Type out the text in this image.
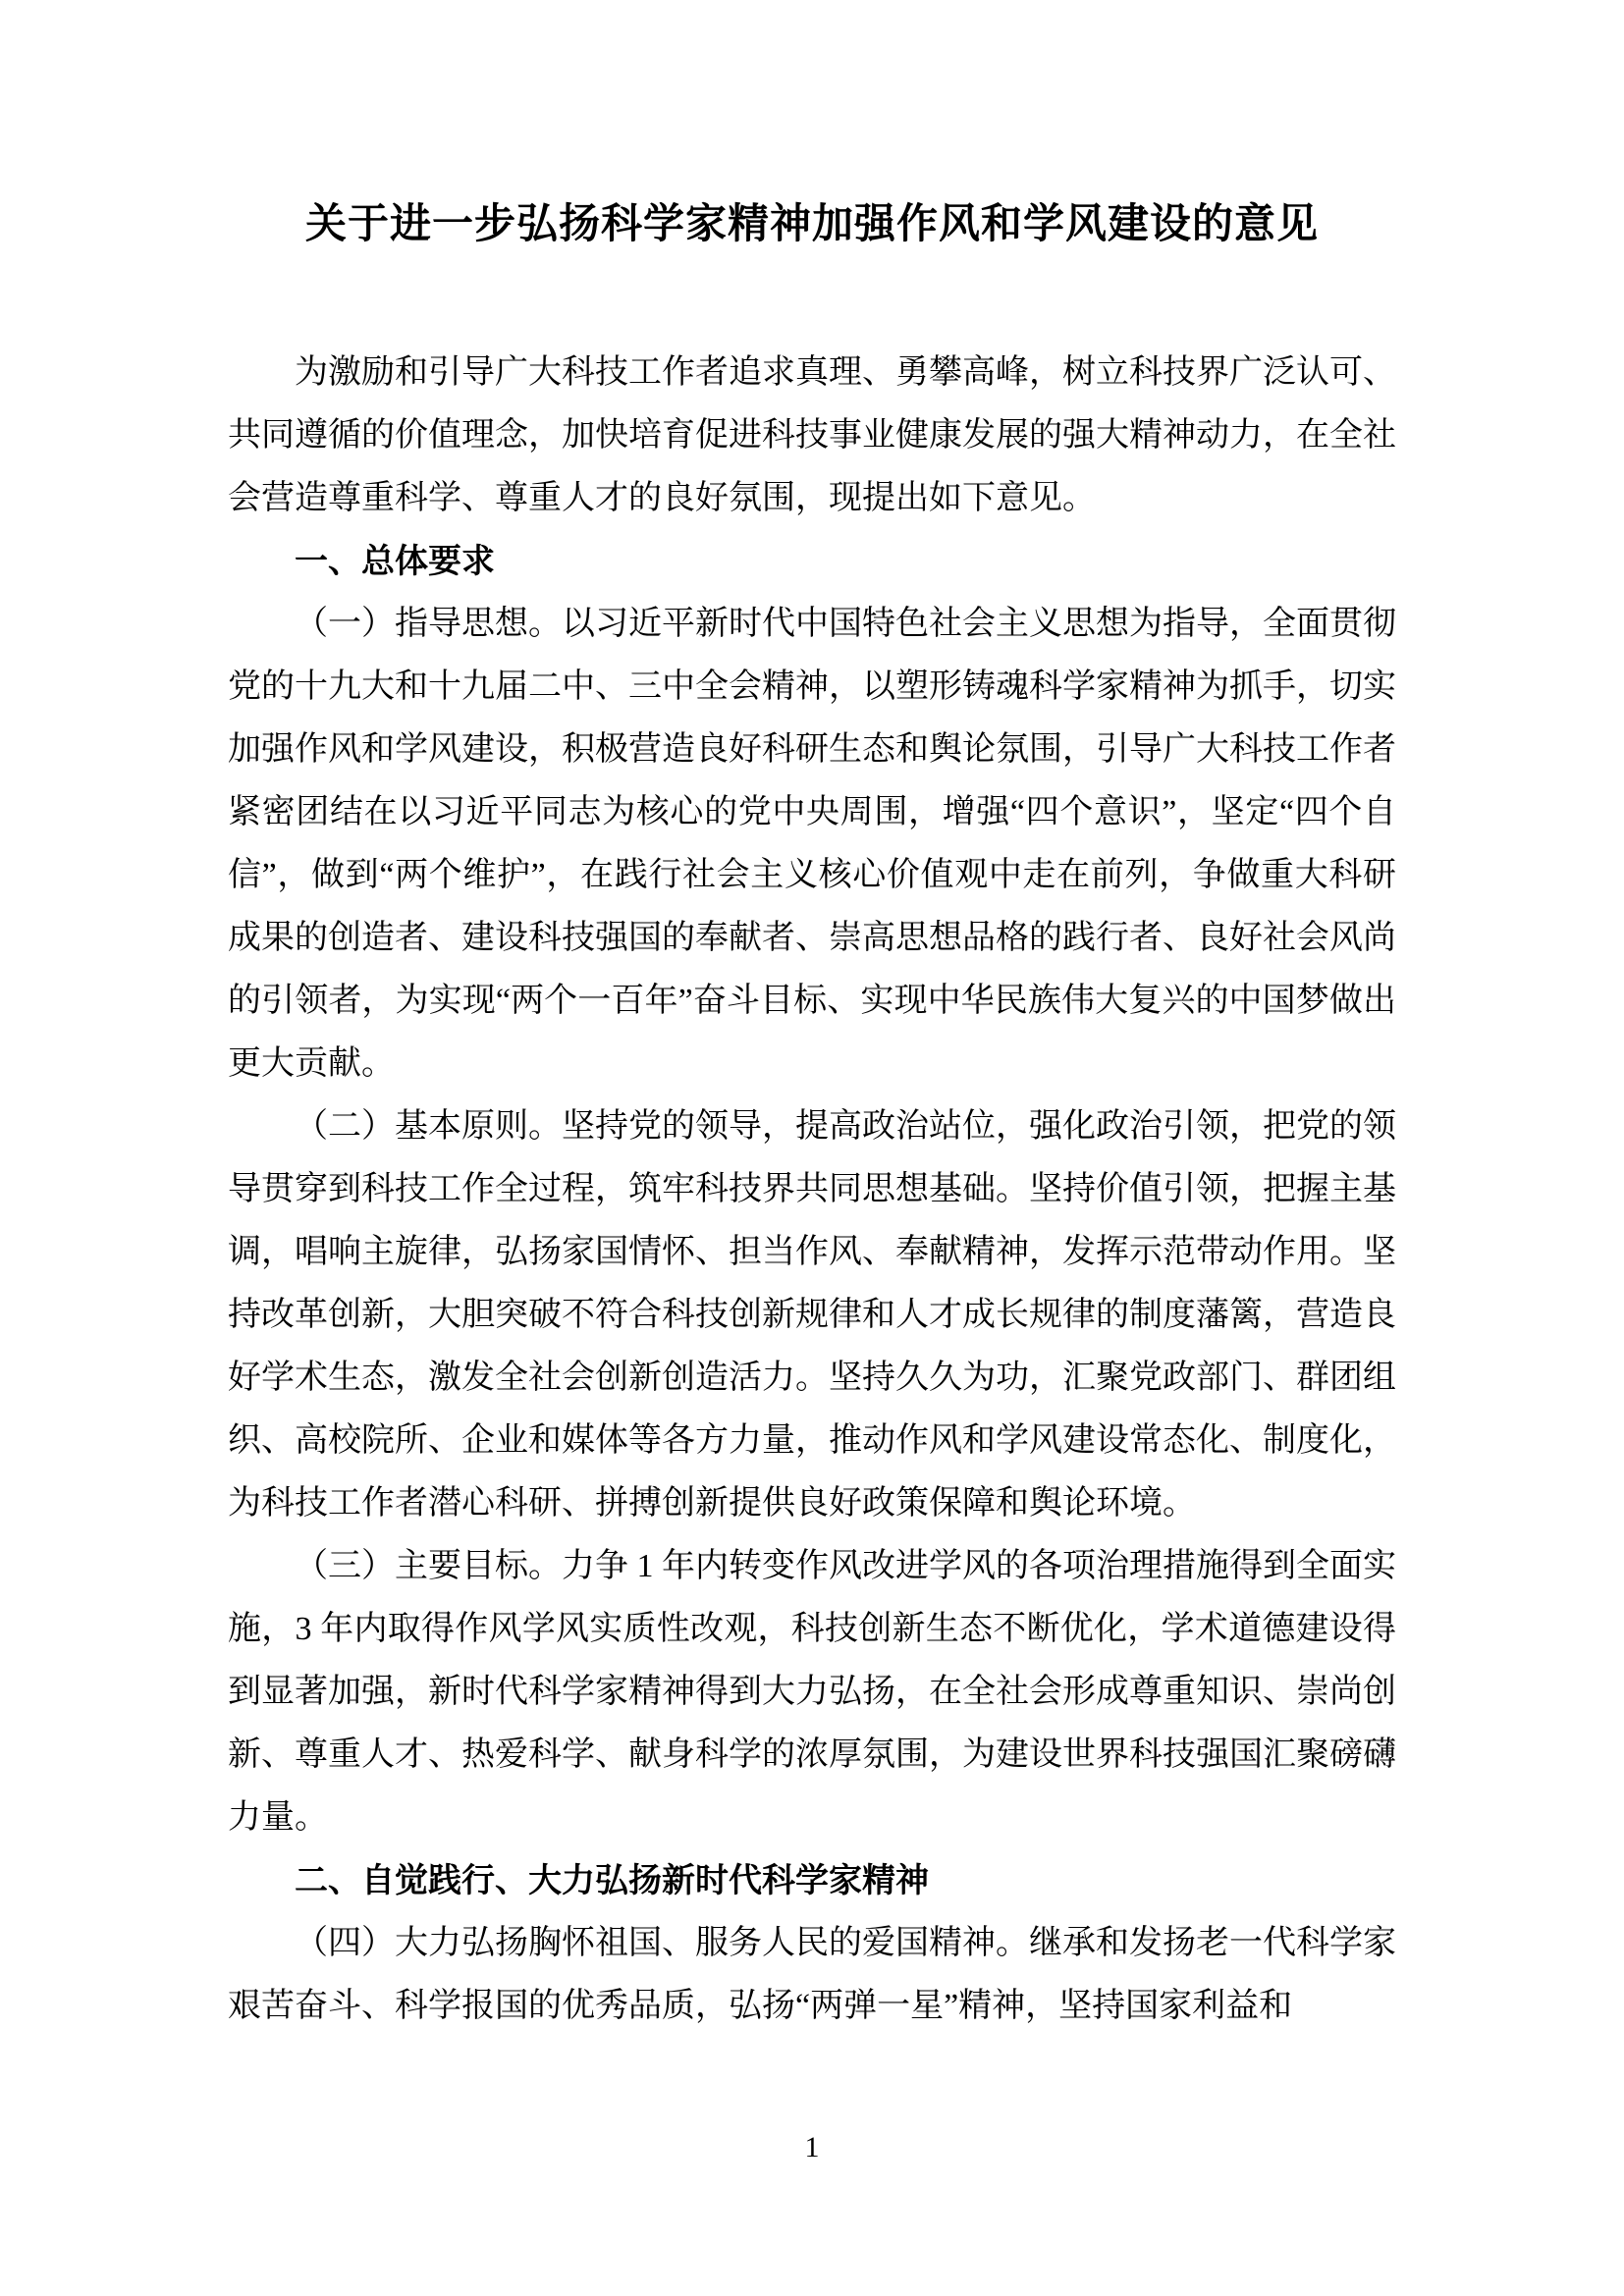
关于进一步弘扬科学家精神加强作风和学风建设的意见

为激励和引导广大科技工作者追求真理、勇攀高峰，树立科技界广泛认可、共同遵循的价值理念，加快培育促进科技事业健康发展的强大精神动力，在全社会营造尊重科学、尊重人才的良好氛围，现提出如下意见。

一、总体要求

（一）指导思想。以习近平新时代中国特色社会主义思想为指导，全面贯彻党的十九大和十九届二中、三中全会精神，以塑形铸魂科学家精神为抓手，切实加强作风和学风建设，积极营造良好科研生态和舆论氛围，引导广大科技工作者紧密团结在以习近平同志为核心的党中央周围，增强“四个意识”，坚定“四个自信”，做到“两个维护”，在践行社会主义核心价值观中走在前列，争做重大科研成果的创造者、建设科技强国的奉献者、崇高思想品格的践行者、良好社会风尚的引领者，为实现“两个一百年”奋斗目标、实现中华民族伟大复兴的中国梦做出更大贡献。

（二）基本原则。坚持党的领导，提高政治站位，强化政治引领，把党的领导贯穿到科技工作全过程，筑牢科技界共同思想基础。坚持价值引领，把握主基调，唱响主旋律，弘扬家国情怀、担当作风、奉献精神，发挥示范带动作用。坚持改革创新，大胆突破不符合科技创新规律和人才成长规律的制度藩篱，营造良好学术生态，激发全社会创新创造活力。坚持久久为功，汇聚党政部门、群团组织、高校院所、企业和媒体等各方力量，推动作风和学风建设常态化、制度化，为科技工作者潜心科研、拼搏创新提供良好政策保障和舆论环境。

（三）主要目标。力争 1 年内转变作风改进学风的各项治理措施得到全面实施，3 年内取得作风学风实质性改观，科技创新生态不断优化，学术道德建设得到显著加强，新时代科学家精神得到大力弘扬，在全社会形成尊重知识、崇尚创新、尊重人才、热爱科学、献身科学的浓厚氛围，为建设世界科技强国汇聚磅礴力量。

二、自觉践行、大力弘扬新时代科学家精神

（四）大力弘扬胸怀祖国、服务人民的爱国精神。继承和发扬老一代科学家艰苦奋斗、科学报国的优秀品质，弘扬“两弹一星”精神，坚持国家利益和

1
